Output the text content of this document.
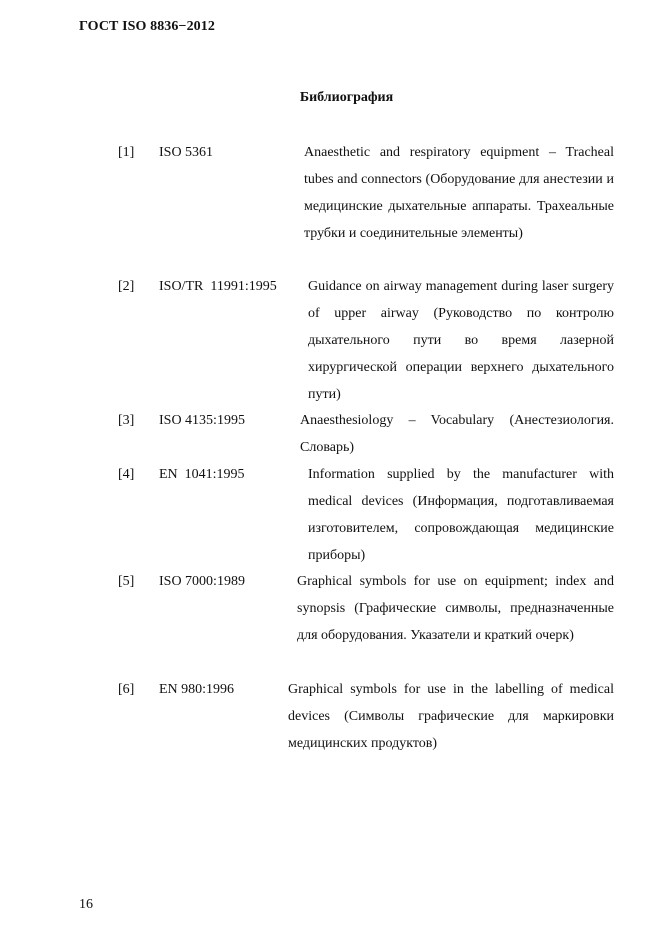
ГОСТ ISO 8836−2012
Библиография
[1] ISO 5361	Anaesthetic and respiratory equipment – Tracheal tubes and connectors (Оборудование для анестезии и медицинские дыхательные аппараты. Трахеальные трубки и соединительные элементы)
[2] ISO/TR  11991:1995 Guidance on airway management during laser surgery of upper airway (Руководство по контролю дыхательного пути во время лазерной хирургической операции верхнего дыхательного пути)
[3] ISO 4135:1995	Anaesthesiology – Vocabulary (Анестезиология. Словарь)
[4] EN  1041:1995	Information supplied by the manufacturer with medical devices (Информация, подготавливаемая изготовителем, сопровождающая медицинские приборы)
[5] ISO 7000:1989	Graphical symbols for use on equipment; index and synopsis (Графические символы, предназначенные для оборудования. Указатели и краткий очерк)
[6] EN 980:1996	Graphical symbols for use in the labelling of medical devices (Символы графические для маркировки медицинских продуктов)
16
